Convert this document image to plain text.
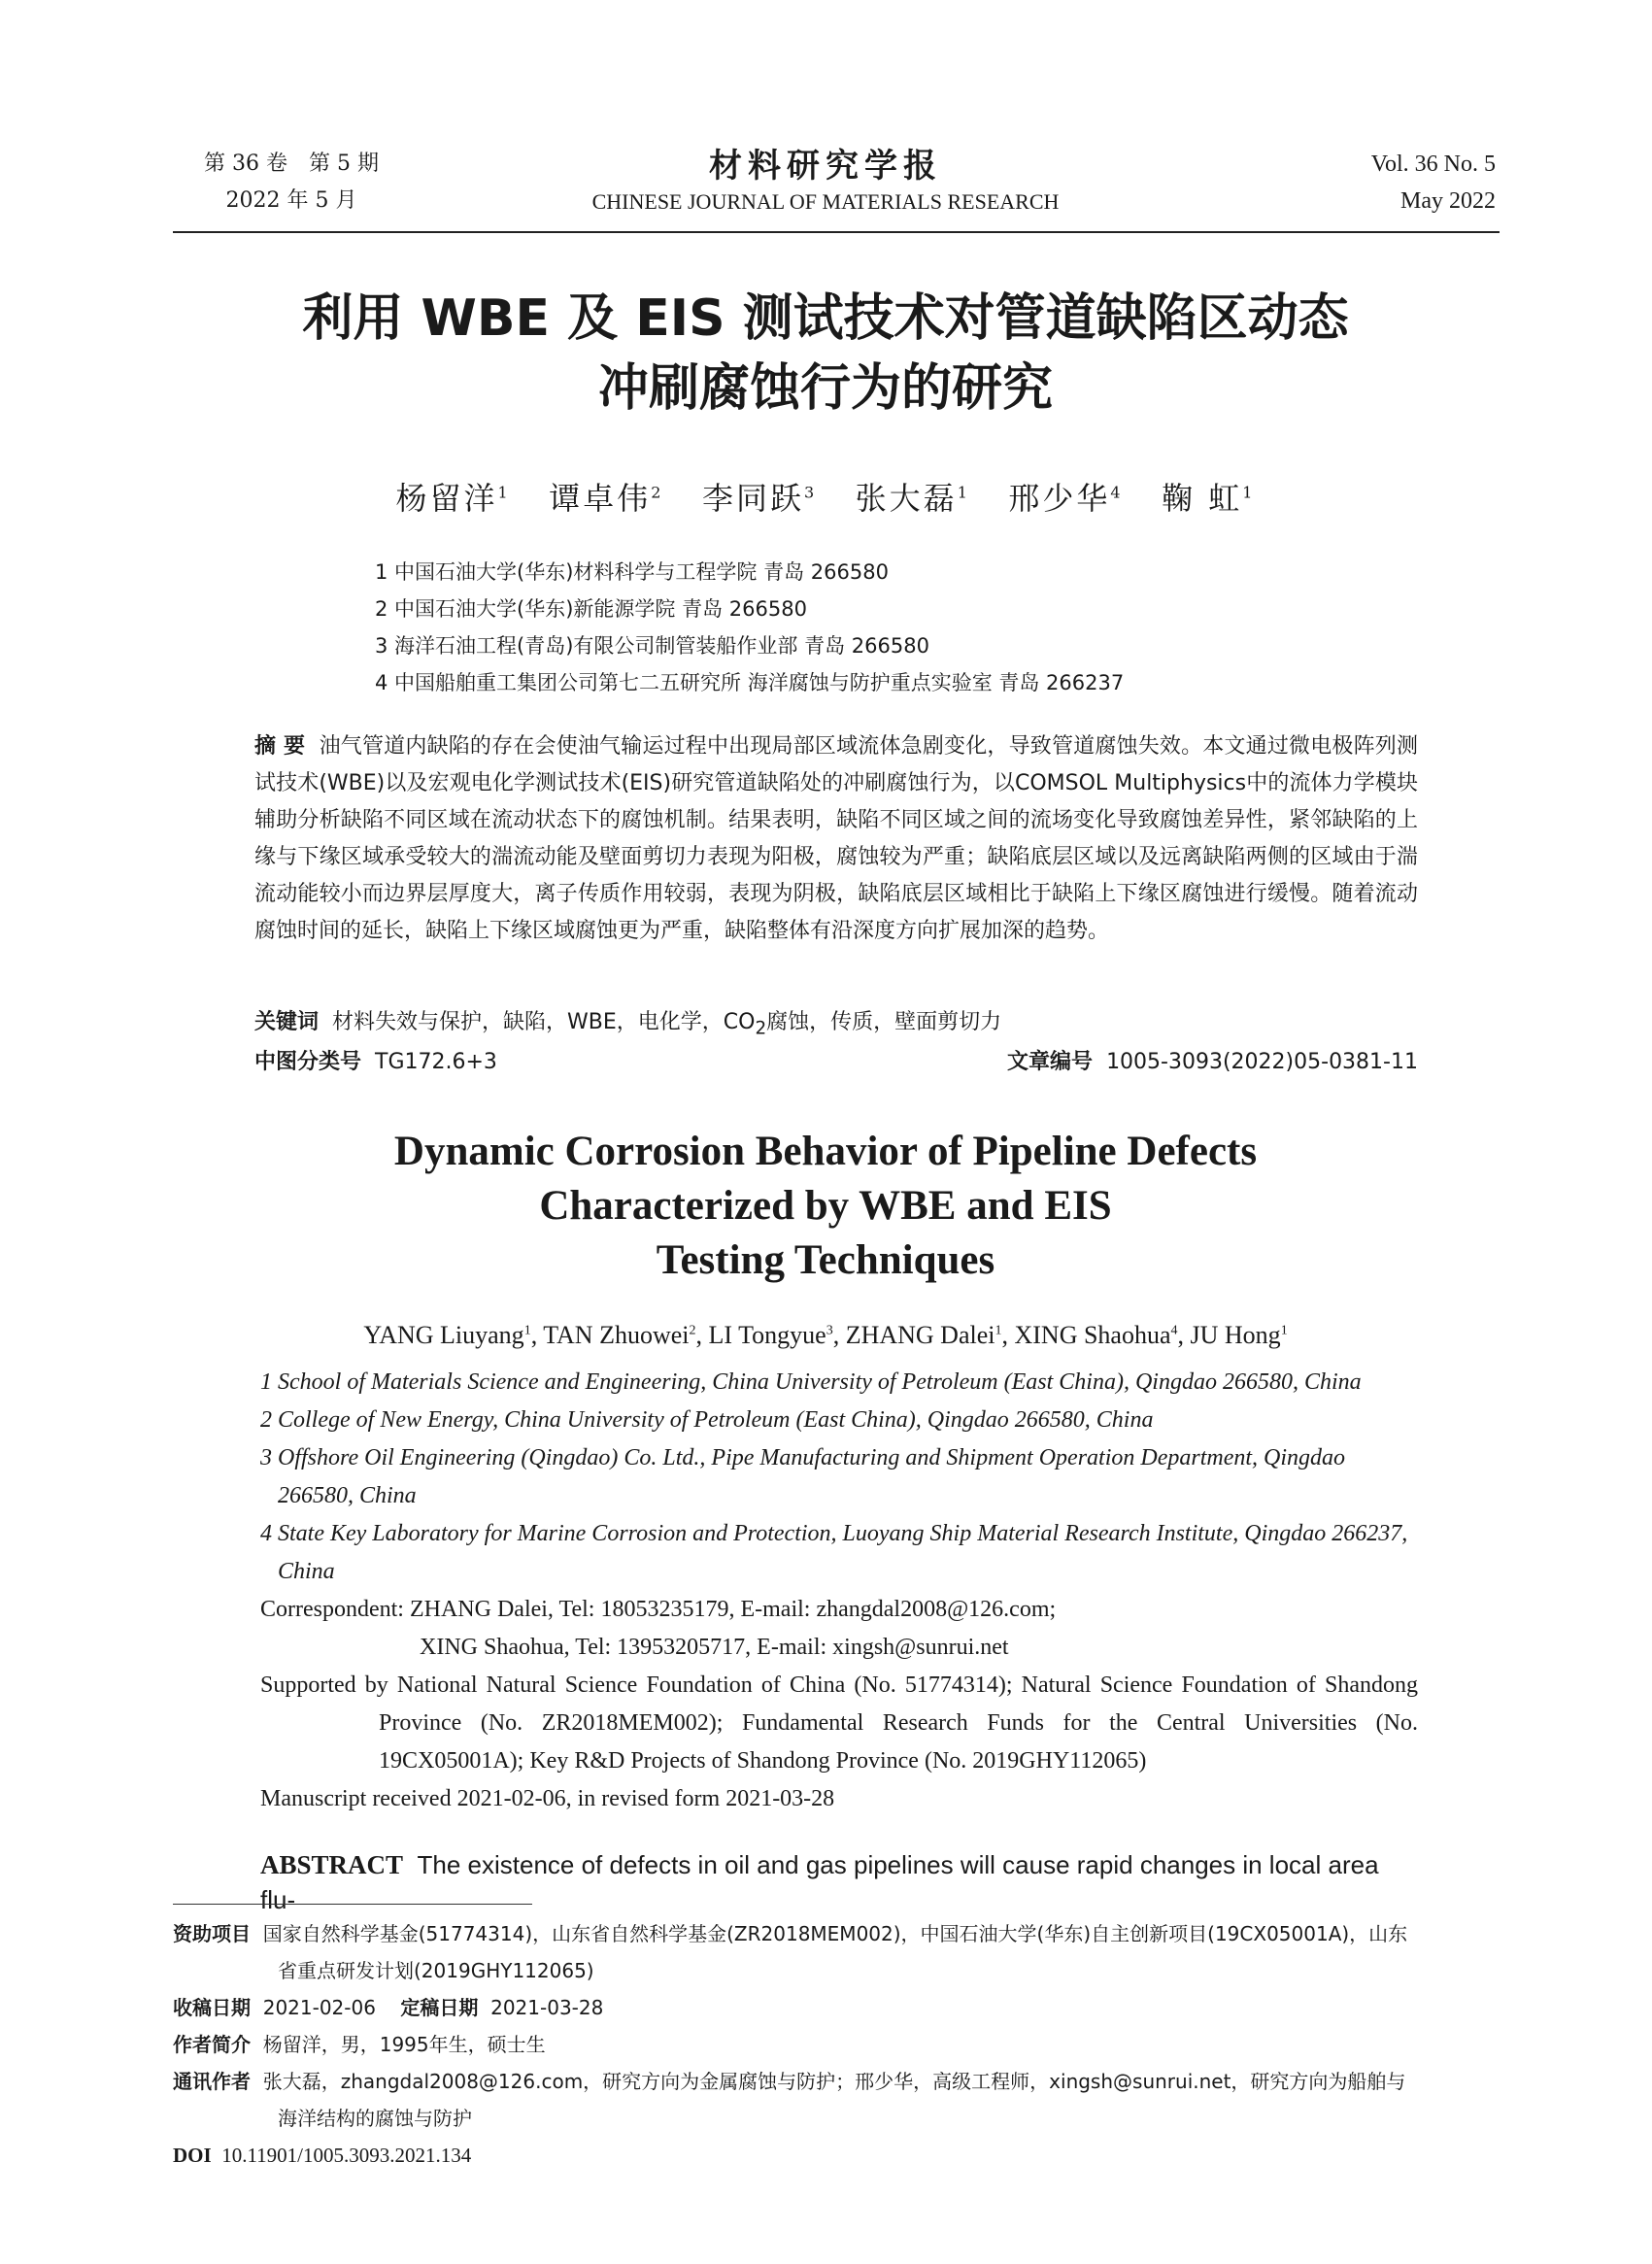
第 36 卷　第 5 期
2022 年 5 月
材料研究学报
CHINESE JOURNAL OF MATERIALS RESEARCH
Vol. 36 No. 5
May 2022
利用 WBE 及 EIS 测试技术对管道缺陷区动态
冲刷腐蚀行为的研究
杨留洋$^1$ 谭卓伟$^2$ 李同跃$^3$ 张大磊$^1$ 邢少华$^4$ 鞠 虹$^1$
1 中国石油大学(华东)材料科学与工程学院 青岛 266580
2 中国石油大学(华东)新能源学院 青岛 266580
3 海洋石油工程(青岛)有限公司制管装船作业部 青岛 266580
4 中国船舶重工集团公司第七二五研究所 海洋腐蚀与防护重点实验室 青岛 266237
摘 要 油气管道内缺陷的存在会使油气输运过程中出现局部区域流体急剧变化，导致管道腐蚀失效。本文通过微电极阵列测试技术(WBE)以及宏观电化学测试技术(EIS)研究管道缺陷处的冲刷腐蚀行为，以COMSOL Multiphysics中的流体力学模块辅助分析缺陷不同区域在流动状态下的腐蚀机制。结果表明，缺陷不同区域之间的流场变化导致腐蚀差异性，紧邻缺陷的上缘与下缘区域承受较大的湍流动能及壁面剪切力表现为阳极，腐蚀较为严重；缺陷底层区域以及远离缺陷两侧的区域由于湍流动能较小而边界层厚度大，离子传质作用较弱，表现为阴极，缺陷底层区域相比于缺陷上下缘区腐蚀进行缓慢。随着流动腐蚀时间的延长，缺陷上下缘区域腐蚀更为严重，缺陷整体有沿深度方向扩展加深的趋势。
关键词 材料失效与保护，缺陷，WBE，电化学，$CO_2$腐蚀，传质，壁面剪切力
中图分类号 TG172.6+3	文章编号 1005-3093(2022)05-0381-11
Dynamic Corrosion Behavior of Pipeline Defects
Characterized by WBE and EIS
Testing Techniques
YANG Liuyang$^1$, TAN Zhuowei$^2$, LI Tongyue$^3$, ZHANG Dalei$^1$, XING Shaohua$^4$, JU Hong$^1$
1 School of Materials Science and Engineering, China University of Petroleum (East China), Qingdao 266580, China
2 College of New Energy, China University of Petroleum (East China), Qingdao 266580, China
3 Offshore Oil Engineering (Qingdao) Co. Ltd., Pipe Manufacturing and Shipment Operation Department, Qingdao 266580, China
4 State Key Laboratory for Marine Corrosion and Protection, Luoyang Ship Material Research Institute, Qingdao 266237, China
Correspondent: ZHANG Dalei, Tel: 18053235179, E-mail: zhangdal2008@126.com;
XING Shaohua, Tel: 13953205717, E-mail: xingsh@sunrui.net
Supported by National Natural Science Foundation of China (No. 51774314); Natural Science Foundation of Shandong Province (No. ZR2018MEM002); Fundamental Research Funds for the Central Universities (No. 19CX05001A); Key R&D Projects of Shandong Province (No. 2019GHY112065)
Manuscript received 2021-02-06, in revised form 2021-03-28
ABSTRACT The existence of defects in oil and gas pipelines will cause rapid changes in local area flu-
资助项目 国家自然科学基金(51774314)，山东省自然科学基金(ZR2018MEM002)，中国石油大学(华东)自主创新项目(19CX05001A)，山东省重点研发计划(2019GHY112065)
收稿日期 2021-02-06 定稿日期 2021-03-28
作者简介 杨留洋，男，1995年生，硕士生
通讯作者 张大磊，zhangdal2008@126.com，研究方向为金属腐蚀与防护；邢少华，高级工程师，xingsh@sunrui.net，研究方向为船舶与海洋结构的腐蚀与防护
DOI 10.11901/1005.3093.2021.134
